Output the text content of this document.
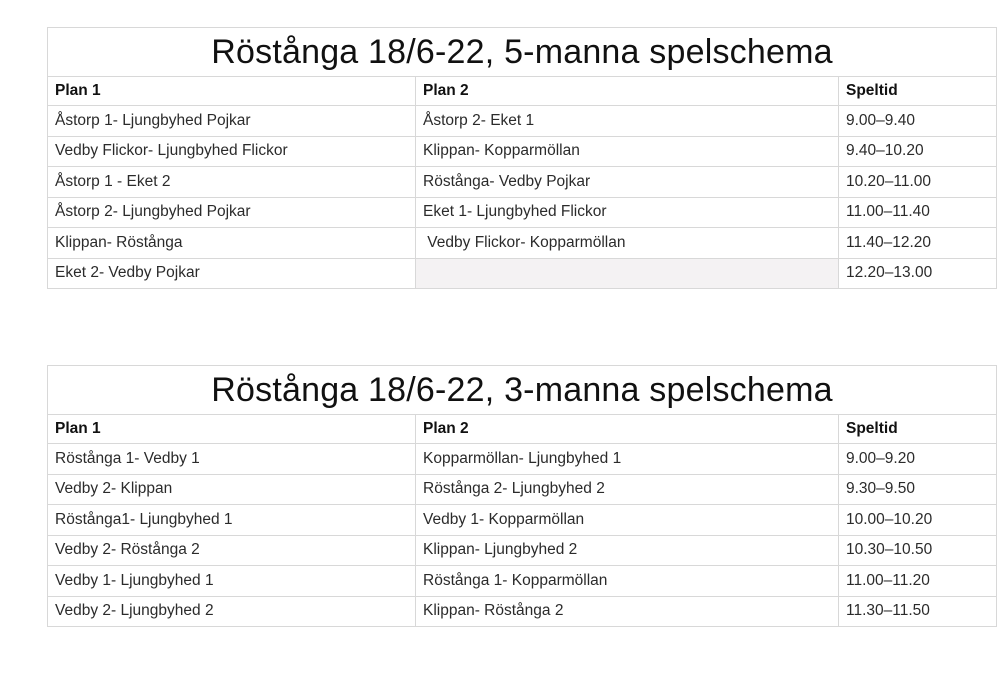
Röstånga 18/6-22, 5-manna spelschema		
Plan 1	Plan 2	Speltid
Åstorp 1- Ljungbyhed Pojkar	Åstorp 2- Eket 1	9.00–9.40
Vedby Flickor- Ljungbyhed Flickor	Klippan- Kopparmöllan	9.40–10.20
Åstorp 1 - Eket 2	Röstånga- Vedby Pojkar	10.20–11.00
Åstorp 2- Ljungbyhed Pojkar	Eket 1- Ljungbyhed Flickor	11.00–11.40
Klippan- Röstånga	Vedby Flickor- Kopparmöllan	11.40–12.20
Eket 2- Vedby Pojkar		12.20–13.00
Röstånga 18/6-22, 3-manna spelschema		
Plan 1	Plan 2	Speltid
Röstånga 1- Vedby 1	Kopparmöllan- Ljungbyhed 1	9.00–9.20
Vedby 2- Klippan	Röstånga 2- Ljungbyhed 2	9.30–9.50
Röstånga1- Ljungbyhed 1	Vedby 1- Kopparmöllan	10.00–10.20
Vedby 2- Röstånga 2	Klippan- Ljungbyhed 2	10.30–10.50
Vedby 1- Ljungbyhed 1	Röstånga 1- Kopparmöllan	11.00–11.20
Vedby 2- Ljungbyhed 2	Klippan- Röstånga 2	11.30–11.50
